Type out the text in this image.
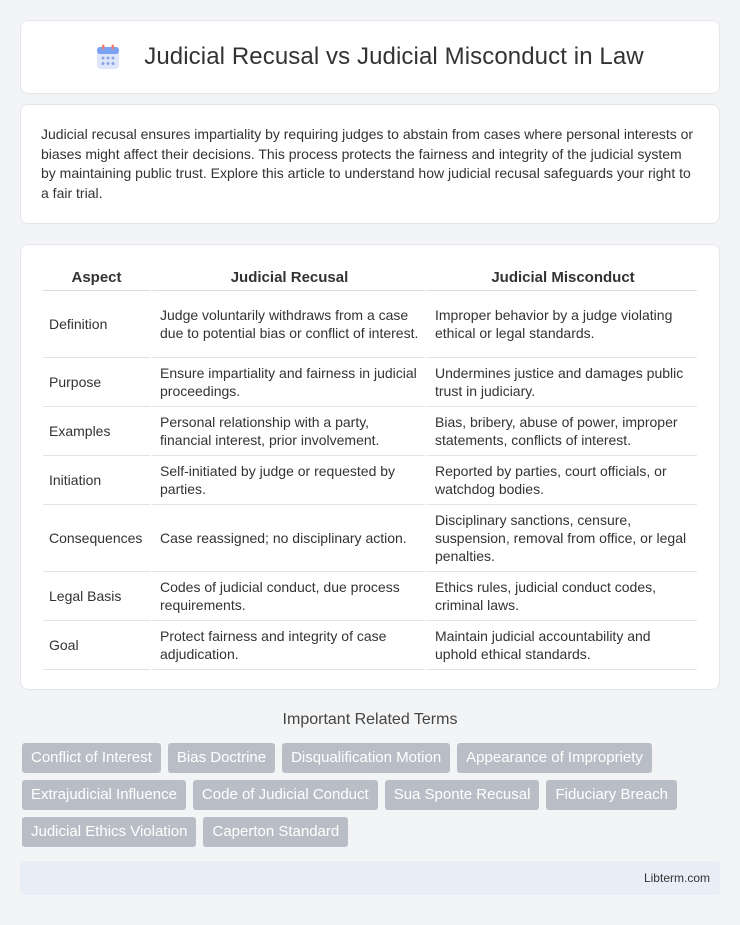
Judicial Recusal vs Judicial Misconduct in Law

Judicial recusal ensures impartiality by requiring judges to abstain from cases where personal interests or biases might affect their decisions. This process protects the fairness and integrity of the judicial system by maintaining public trust. Explore this article to understand how judicial recusal safeguards your right to a fair trial.

Aspect	Judicial Recusal	Judicial Misconduct
Definition	Judge voluntarily withdraws from a case due to potential bias or conflict of interest.	Improper behavior by a judge violating ethical or legal standards.
Purpose	Ensure impartiality and fairness in judicial proceedings.	Undermines justice and damages public trust in judiciary.
Examples	Personal relationship with a party, financial interest, prior involvement.	Bias, bribery, abuse of power, improper statements, conflicts of interest.
Initiation	Self-initiated by judge or requested by parties.	Reported by parties, court officials, or watchdog bodies.
Consequences	Case reassigned; no disciplinary action.	Disciplinary sanctions, censure, suspension, removal from office, or legal penalties.
Legal Basis	Codes of judicial conduct, due process requirements.	Ethics rules, judicial conduct codes, criminal laws.
Goal	Protect fairness and integrity of case adjudication.	Maintain judicial accountability and uphold ethical standards.
Important Related Terms
Conflict of Interest	Bias Doctrine	Disqualification Motion	Appearance of Impropriety
Extrajudicial Influence	Code of Judicial Conduct	Sua Sponte Recusal	Fiduciary Breach
Judicial Ethics Violation	Caperton Standard
Libterm.com
